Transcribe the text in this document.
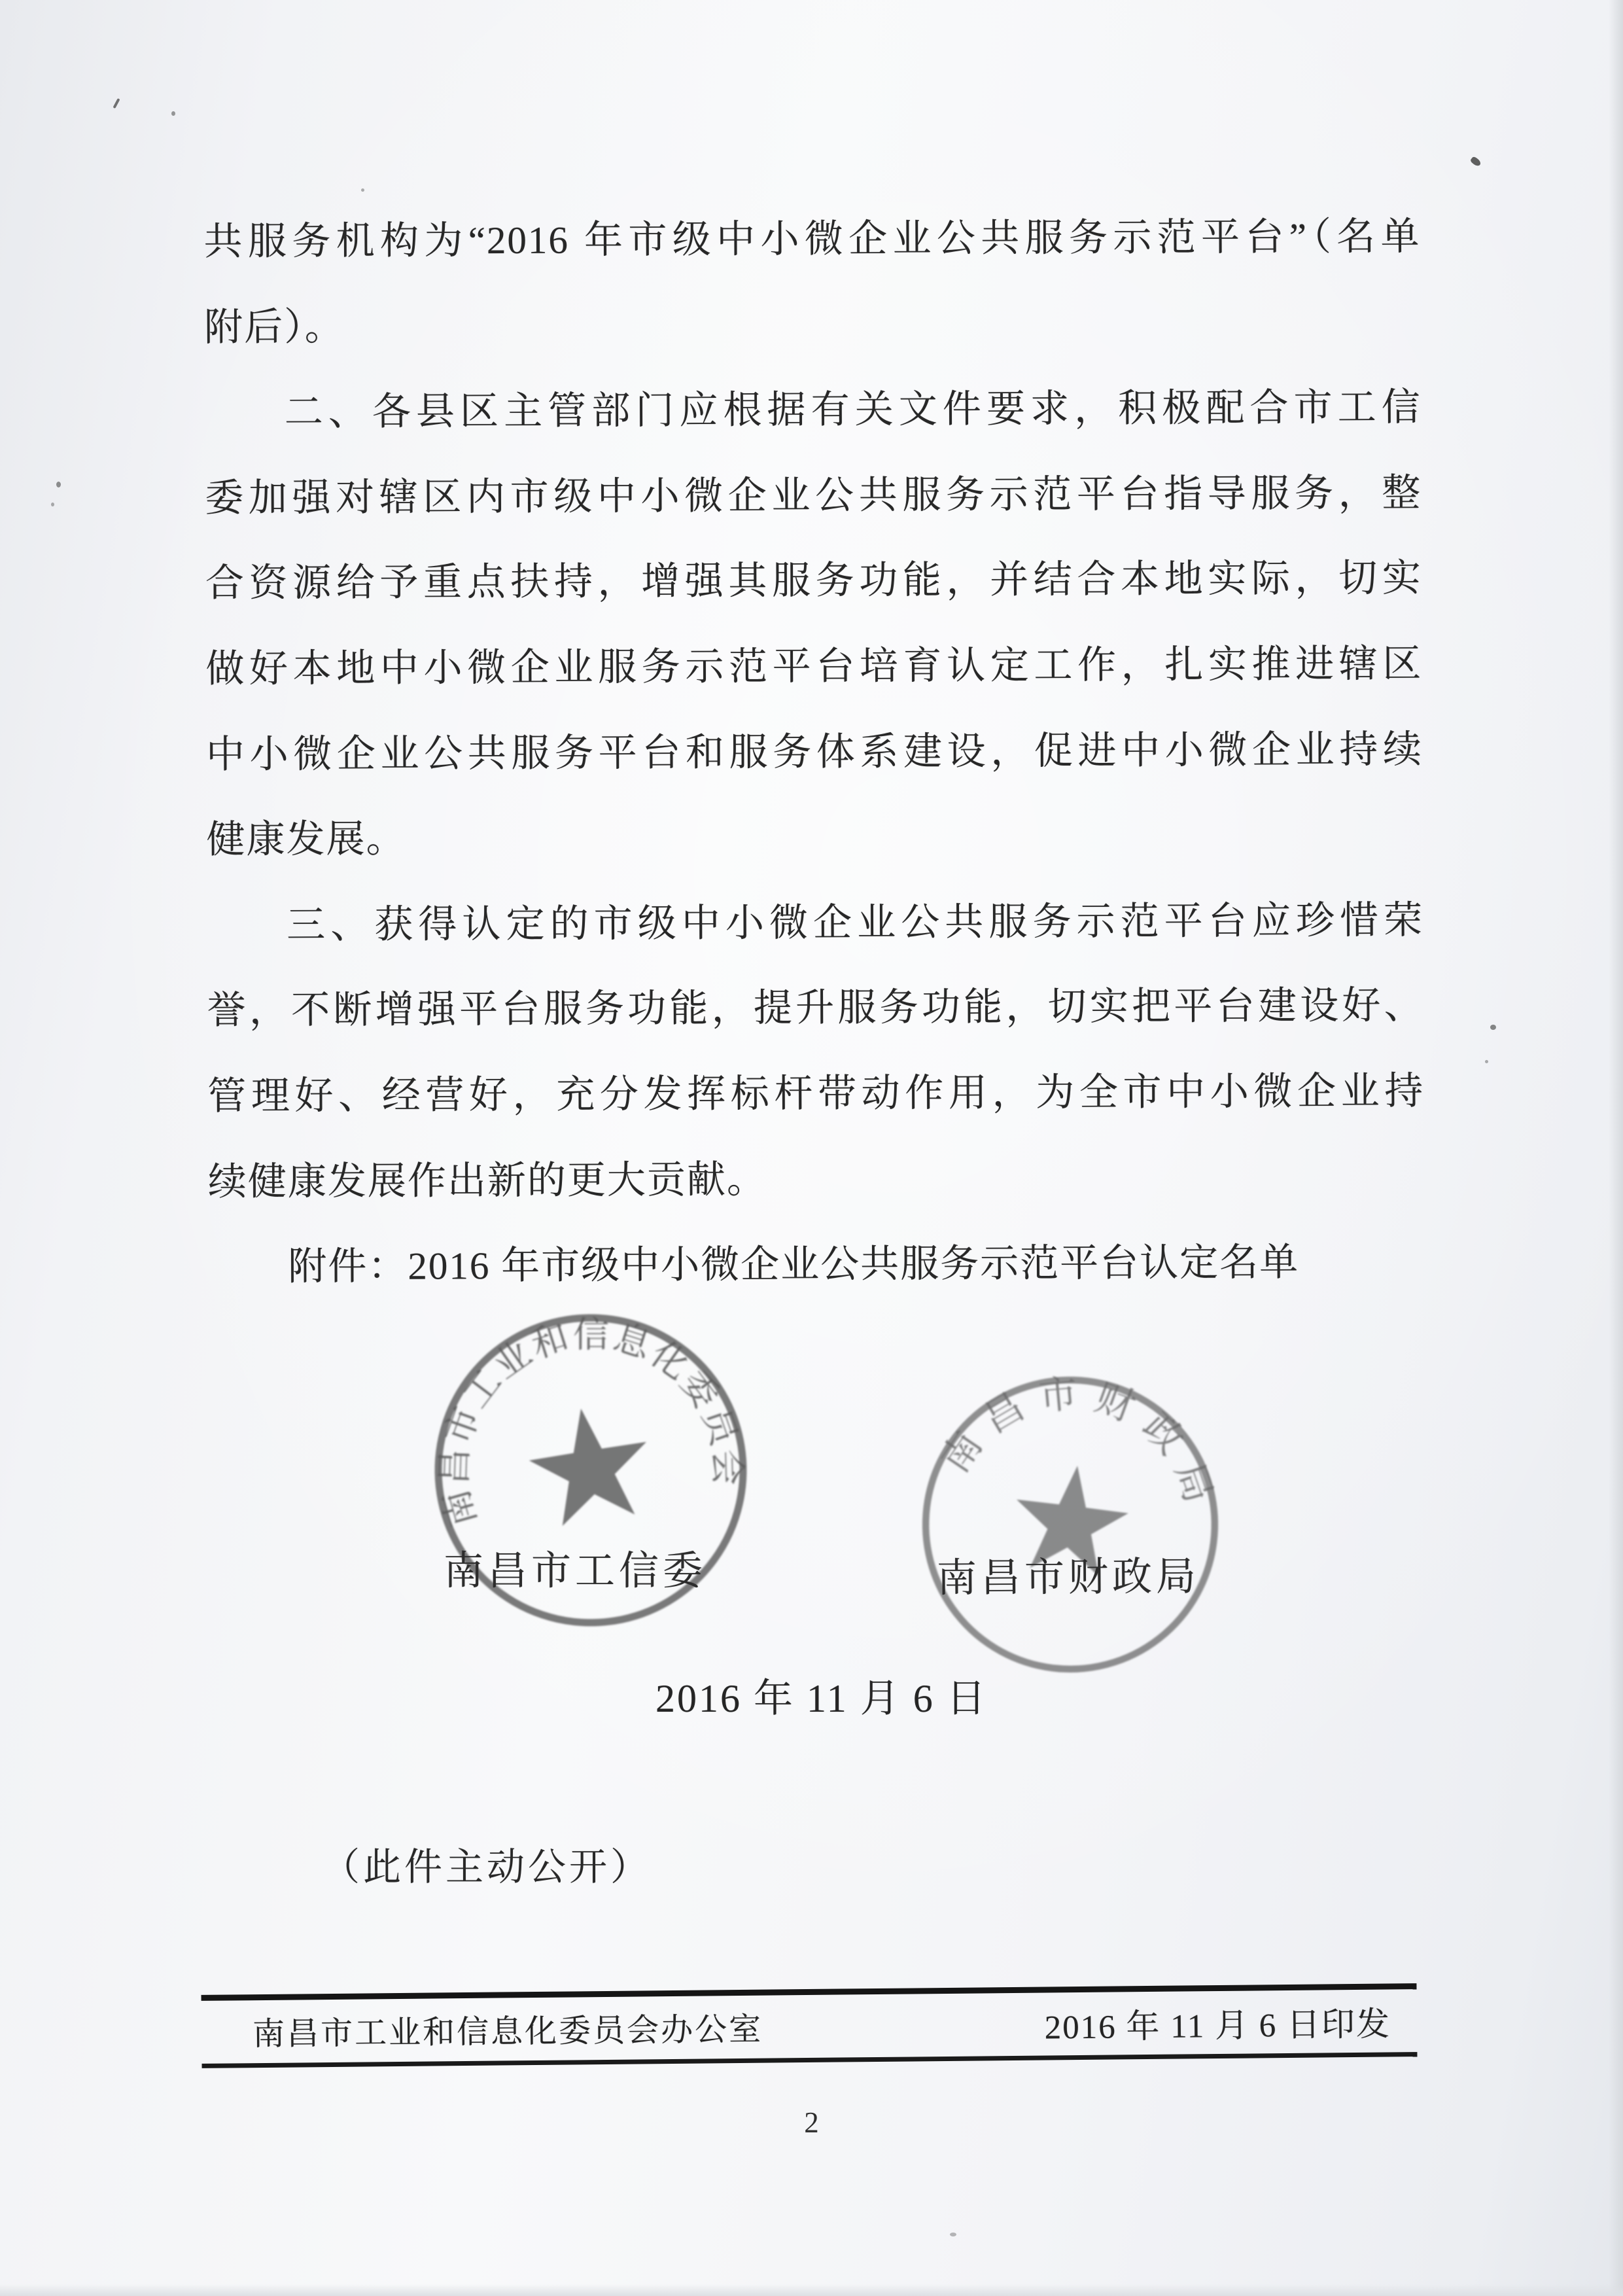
共服务机构为“2016 年市级中小微企业公共服务示范平台”（名单
附后）。
二、各县区主管部门应根据有关文件要求，积极配合市工信
委加强对辖区内市级中小微企业公共服务示范平台指导服务，整
合资源给予重点扶持，增强其服务功能，并结合本地实际，切实
做好本地中小微企业服务示范平台培育认定工作，扎实推进辖区
中小微企业公共服务平台和服务体系建设，促进中小微企业持续
健康发展。
三、获得认定的市级中小微企业公共服务示范平台应珍惜荣
誉，不断增强平台服务功能，提升服务功能，切实把平台建设好、
管理好、经营好，充分发挥标杆带动作用，为全市中小微企业持
续健康发展作出新的更大贡献。
附件：2016 年市级中小微企业公共服务示范平台认定名单
南昌市工业和信息化委员会	南昌市财政局
南昌市工信委	南昌市财政局
2016 年 11 月 6 日
（此件主动公开）
南昌市工业和信息化委员会办公室	2016 年 11 月 6 日印发
2
